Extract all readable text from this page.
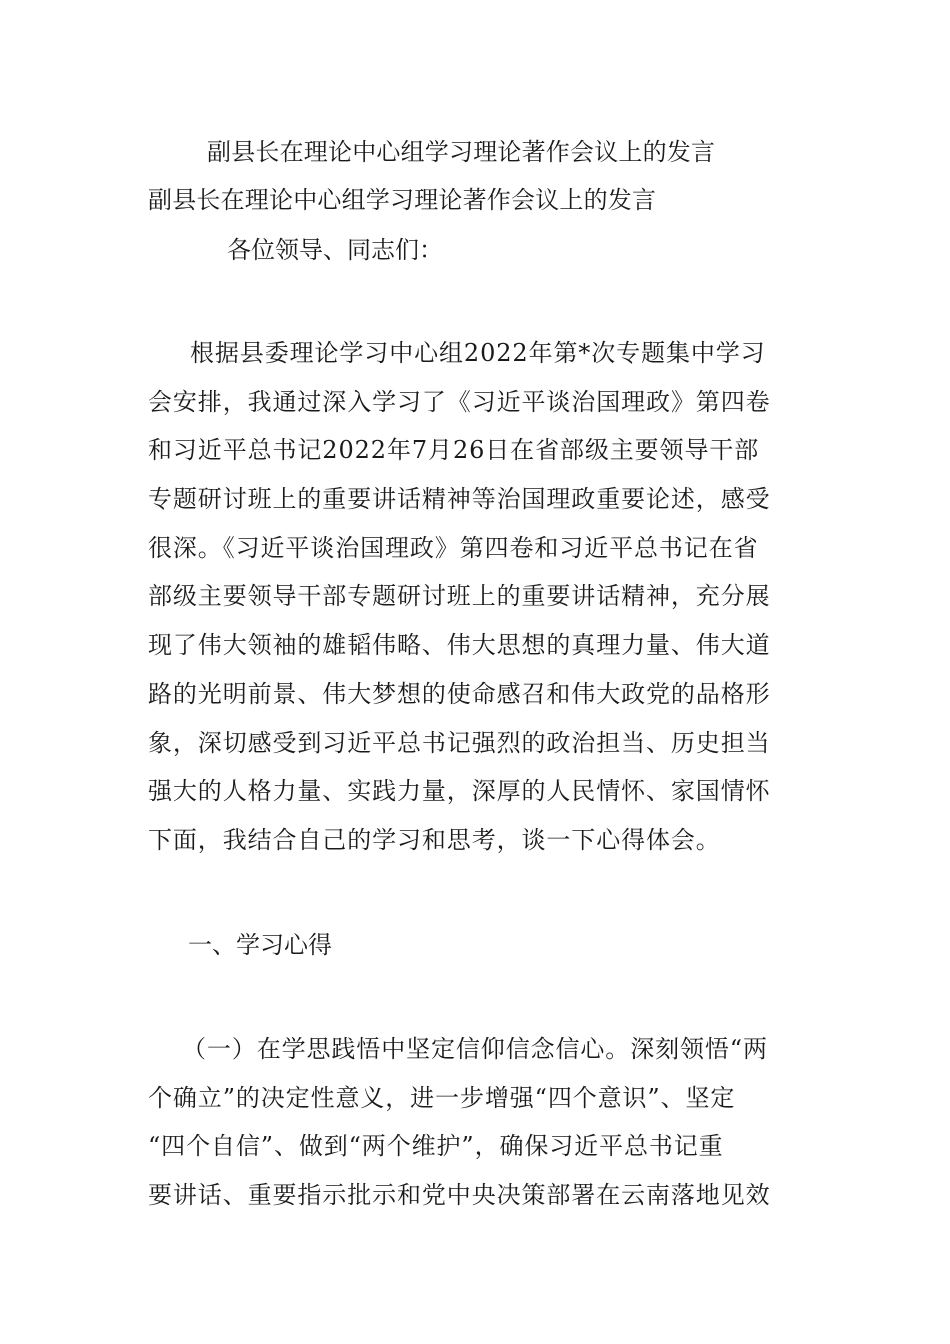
副县长在理论中心组学习理论著作会议上的发言
副县长在理论中心组学习理论著作会议上的发言
各位领导、同志们：
根据县委理论学习中心组2022年第*次专题集中学习
会安排，我通过深入学习了《习近平谈治国理政》第四卷
和习近平总书记2022年7月26日在省部级主要领导干部
专题研讨班上的重要讲话精神等治国理政重要论述，感受
很深。《习近平谈治国理政》第四卷和习近平总书记在省
部级主要领导干部专题研讨班上的重要讲话精神，充分展
现了伟大领袖的雄韬伟略、伟大思想的真理力量、伟大道
路的光明前景、伟大梦想的使命感召和伟大政党的品格形
象，深切感受到习近平总书记强烈的政治担当、历史担当
强大的人格力量、实践力量，深厚的人民情怀、家国情怀
下面，我结合自己的学习和思考，谈一下心得体会。
一、学习心得
（一）在学思践悟中坚定信仰信念信心。深刻领悟“两
个确立”的决定性意义，进一步增强“四个意识”、坚定
“四个自信”、做到“两个维护”，确保习近平总书记重
要讲话、重要指示批示和党中央决策部署在云南落地见效
